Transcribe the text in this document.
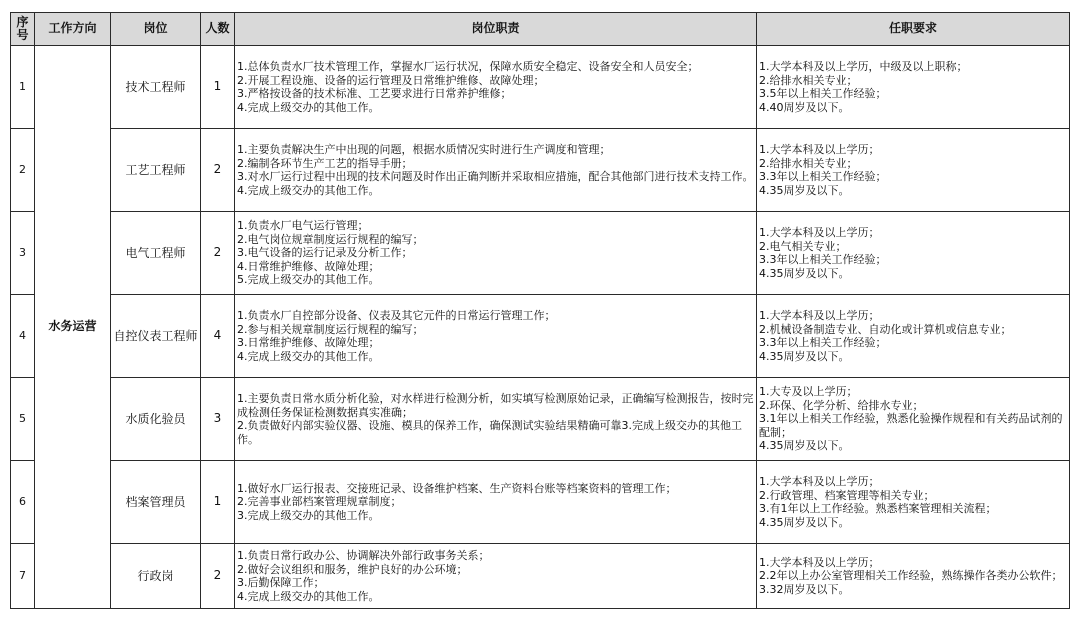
序号	工作方向	岗位	人数	岗位职责	任职要求
1	水务运营	技术工程师	1	1.总体负责水厂技术管理工作，掌握水厂运行状况，保障水质安全稳定、设备安全和人员安全；
2.开展工程设施、设备的运行管理及日常维护维修、故障处理；
3.严格按设备的技术标准、工艺要求进行日常养护维修；
4.完成上级交办的其他工作。	1.大学本科及以上学历，中级及以上职称；
2.给排水相关专业；
3.5年以上相关工作经验；
4.40周岁及以下。

2		工艺工程师	2	1.主要负责解决生产中出现的问题，根据水质情况实时进行生产调度和管理；
2.编制各环节生产工艺的指导手册；
3.对水厂运行过程中出现的技术问题及时作出正确判断并采取相应措施，配合其他部门进行技术支持工作。
4.完成上级交办的其他工作。	1.大学本科及以上学历；
2.给排水相关专业；
3.3年以上相关工作经验；
4.35周岁及以下。

3		电气工程师	2	1.负责水厂电气运行管理；
2.电气岗位规章制度运行规程的编写；
3.电气设备的运行记录及分析工作；
4.日常维护维修、故障处理；
5.完成上级交办的其他工作。	1.大学本科及以上学历；
2.电气相关专业；
3.3年以上相关工作经验；
4.35周岁及以下。

4		自控仪表工程师	4	1.负责水厂自控部分设备、仪表及其它元件的日常运行管理工作；
2.参与相关规章制度运行规程的编写；
3.日常维护维修、故障处理；
4.完成上级交办的其他工作。	1.大学本科及以上学历；
2.机械设备制造专业、自动化或计算机或信息专业；
3.3年以上相关工作经验；
4.35周岁及以下。

5		水质化验员	3	1.主要负责日常水质分析化验，对水样进行检测分析，如实填写检测原始记录，正确编写检测报告，按时完成检测任务保证检测数据真实准确；
2.负责做好内部实验仪器、设施、模具的保养工作，确保测试实验结果精确可靠3.完成上级交办的其他工作。	1.大专及以上学历；
2.环保、化学分析、给排水专业；
3.1年以上相关工作经验，熟悉化验操作规程和有关药品试剂的配制；
4.35周岁及以下。

6		档案管理员	1	1.做好水厂运行报表、交接班记录、设备维护档案、生产资料台账等档案资料的管理工作；
2.完善事业部档案管理规章制度；
3.完成上级交办的其他工作。	1.大学本科及以上学历；
2.行政管理、档案管理等相关专业；
3.有1年以上工作经验。熟悉档案管理相关流程；
4.35周岁及以下。

7		行政岗	2	1.负责日常行政办公、协调解决外部行政事务关系；
2.做好会议组织和服务，维护良好的办公环境；
3.后勤保障工作；
4.完成上级交办的其他工作。	1.大学本科及以上学历；
2.2年以上办公室管理相关工作经验，熟练操作各类办公软件；
3.32周岁及以下。
